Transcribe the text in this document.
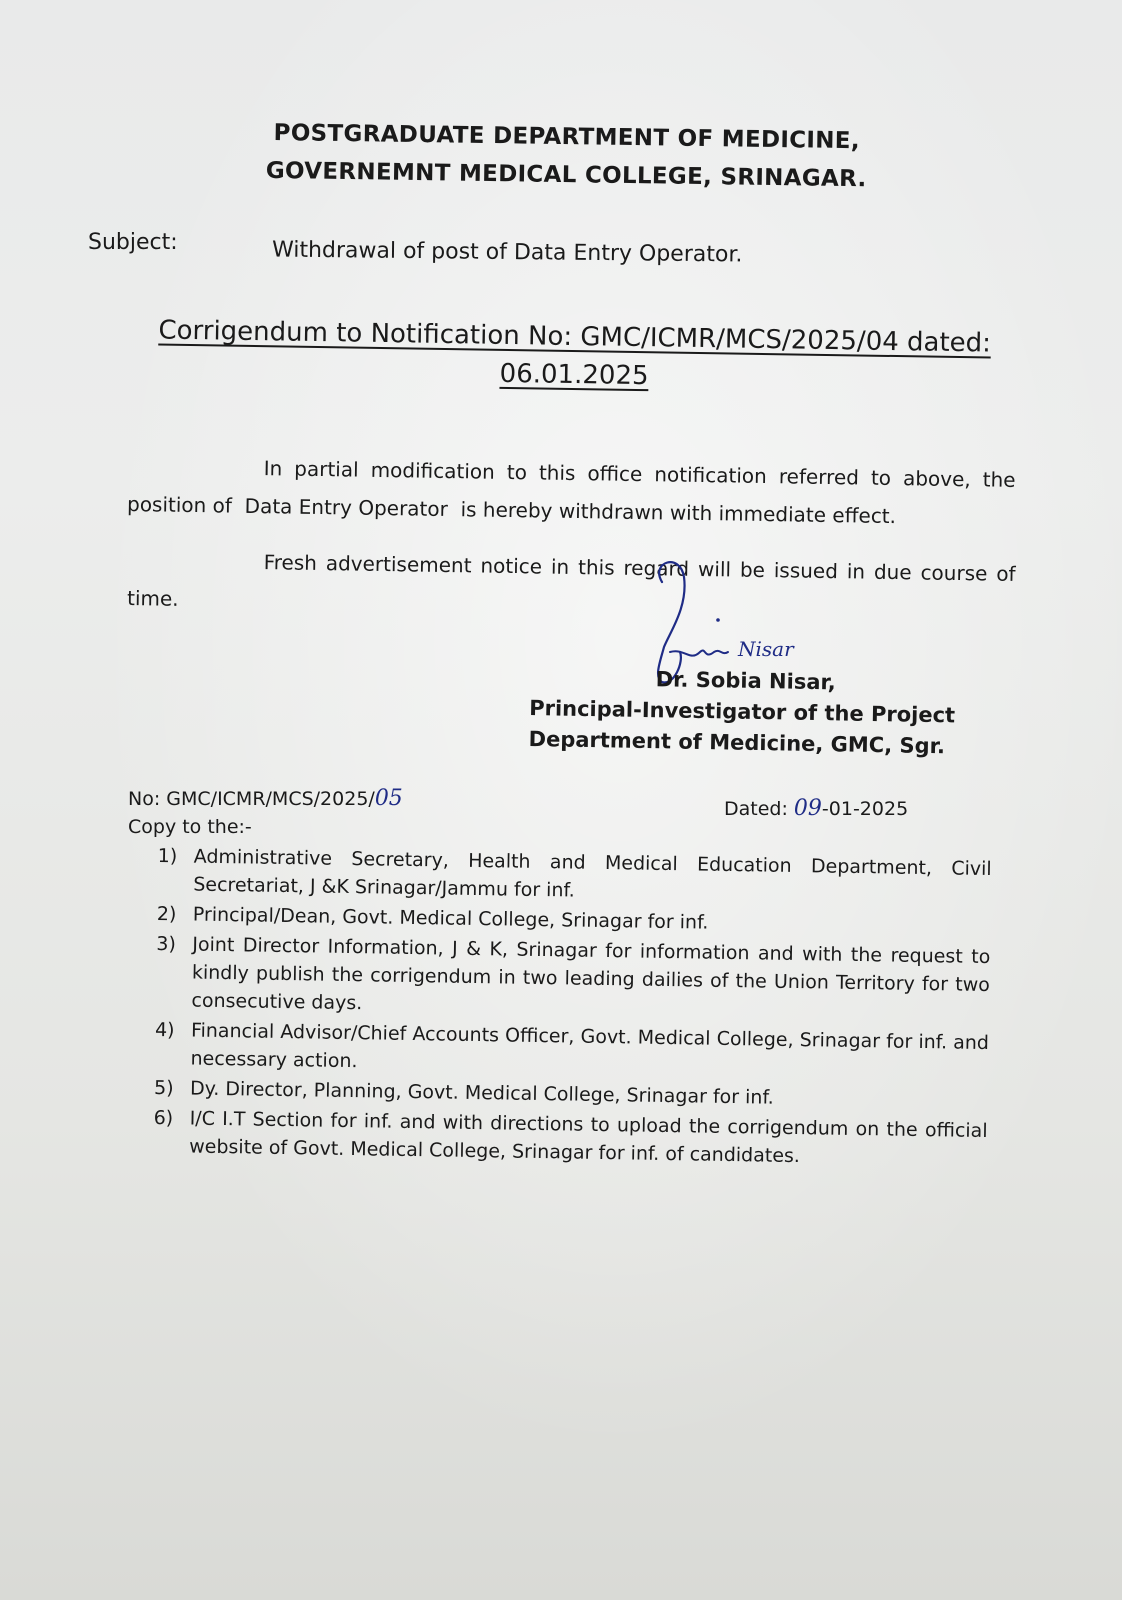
POSTGRADUATE DEPARTMENT OF MEDICINE,
GOVERNEMNT MEDICAL COLLEGE, SRINAGAR.
Subject:	Withdrawal of post of Data Entry Operator.
Corrigendum to Notification No: GMC/ICMR/MCS/2025/04 dated:
06.01.2025
In partial modification to this office notification referred to above, the
position of  Data Entry Operator  is hereby withdrawn with immediate effect.
Fresh advertisement notice in this regard will be issued in due course of
time.
Nisar
Dr. Sobia Nisar,
Principal-Investigator of the Project
Department of Medicine, GMC, Sgr.
No: GMC/ICMR/MCS/2025/05	Dated: 09-01-2025
Copy to the:-
1) Administrative Secretary, Health and Medical Education Department, Civil Secretariat, J &K Srinagar/Jammu for inf.
2) Principal/Dean, Govt. Medical College, Srinagar for inf.
3) Joint Director Information, J & K, Srinagar for information and with the request to kindly publish the corrigendum in two leading dailies of the Union Territory for two consecutive days.
4) Financial Advisor/Chief Accounts Officer, Govt. Medical College, Srinagar for inf. and necessary action.
5) Dy. Director, Planning, Govt. Medical College, Srinagar for inf.
6) I/C I.T Section for inf. and with directions to upload the corrigendum on the official website of Govt. Medical College, Srinagar for inf. of candidates.
